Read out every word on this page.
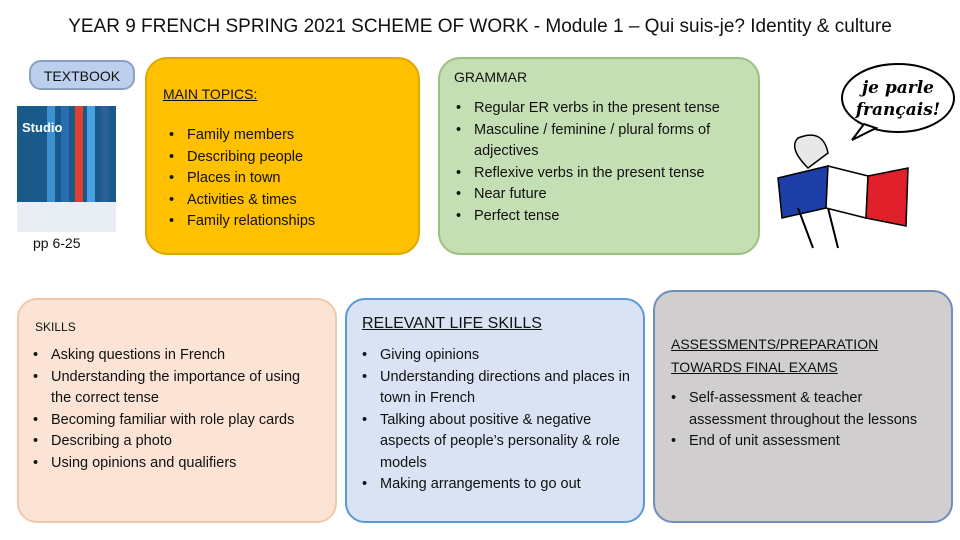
YEAR 9 FRENCH SPRING 2021 SCHEME OF WORK - Module 1 – Qui suis-je? Identity & culture
TEXTBOOK
Studio
pp 6-25
MAIN TOPICS:
• Family members
• Describing people
• Places in town
• Activities & times
• Family relationships
GRAMMAR
• Regular ER verbs in the present tense
• Masculine / feminine / plural forms of adjectives
• Reflexive verbs in the present tense
• Near future
• Perfect tense
je parle
français!
SKILLS
• Asking questions in French
• Understanding the importance of using the correct tense
• Becoming familiar with role play cards
• Describing a photo
• Using opinions and qualifiers
RELEVANT LIFE SKILLS
• Giving opinions
• Understanding directions and places in town in French
• Talking about positive & negative aspects of people’s personality & role models
• Making arrangements to go out
ASSESSMENTS/PREPARATION
TOWARDS FINAL EXAMS
• Self-assessment & teacher assessment throughout the lessons
• End of unit assessment
